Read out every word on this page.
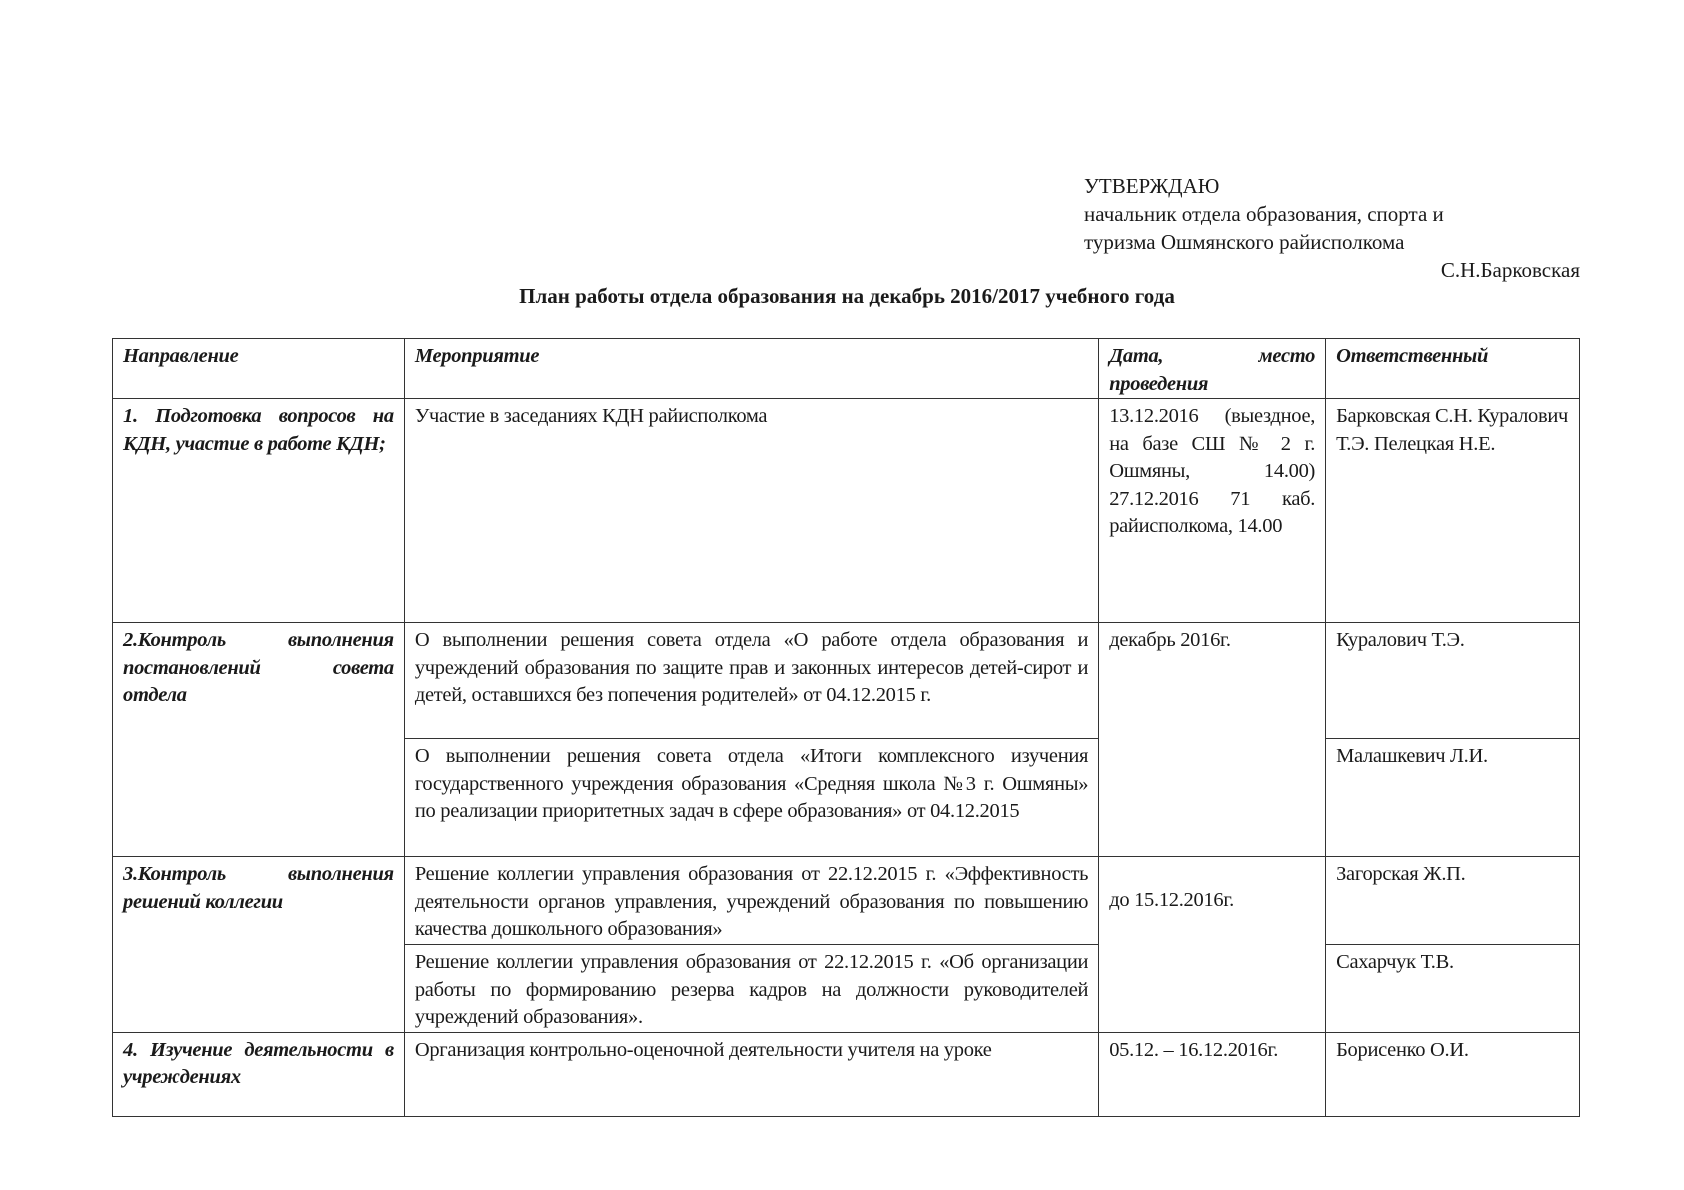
УТВЕРЖДАЮ
начальник отдела образования, спорта и
туризма Ошмянского райисполкома
С.Н.Барковская
План работы отдела образования на декабрь 2016/2017 учебного года
Направление	Мероприятие	Дата, место проведения	Ответственный
1. Подготовка вопросов на КДН, участие в работе КДН;	Участие в заседаниях КДН райисполкома	13.12.2016 (выездное, на базе СШ № 2 г. Ошмяны, 14.00) 27.12.2016 71 каб. райисполкома, 14.00	Барковская С.Н. Куралович Т.Э. Пелецкая Н.Е.
2.Контроль выполнения постановлений совета отдела	О выполнении решения совета отдела «О работе отдела образования и учреждений образования по защите прав и законных интересов детей-сирот и детей, оставшихся без попечения родителей» от 04.12.2015 г.	декабрь 2016г.	Куралович Т.Э.
	О выполнении решения совета отдела «Итоги комплексного изучения государственного учреждения образования «Средняя школа №3 г. Ошмяны» по реализации приоритетных задач в сфере образования» от 04.12.2015		Малашкевич Л.И.
3.Контроль выполнения решений коллегии	Решение коллегии управления образования от 22.12.2015 г. «Эффективность деятельности органов управления, учреждений образования по повышению качества дошкольного образования»	до 15.12.2016г.	Загорская Ж.П.
	Решение коллегии управления образования от 22.12.2015 г. «Об организации работы по формированию резерва кадров на должности руководителей учреждений образования».		Сахарчук Т.В.
4. Изучение деятельности в учреждениях	Организация контрольно-оценочной деятельности учителя на уроке	05.12. – 16.12.2016г.	Борисенко О.И.
